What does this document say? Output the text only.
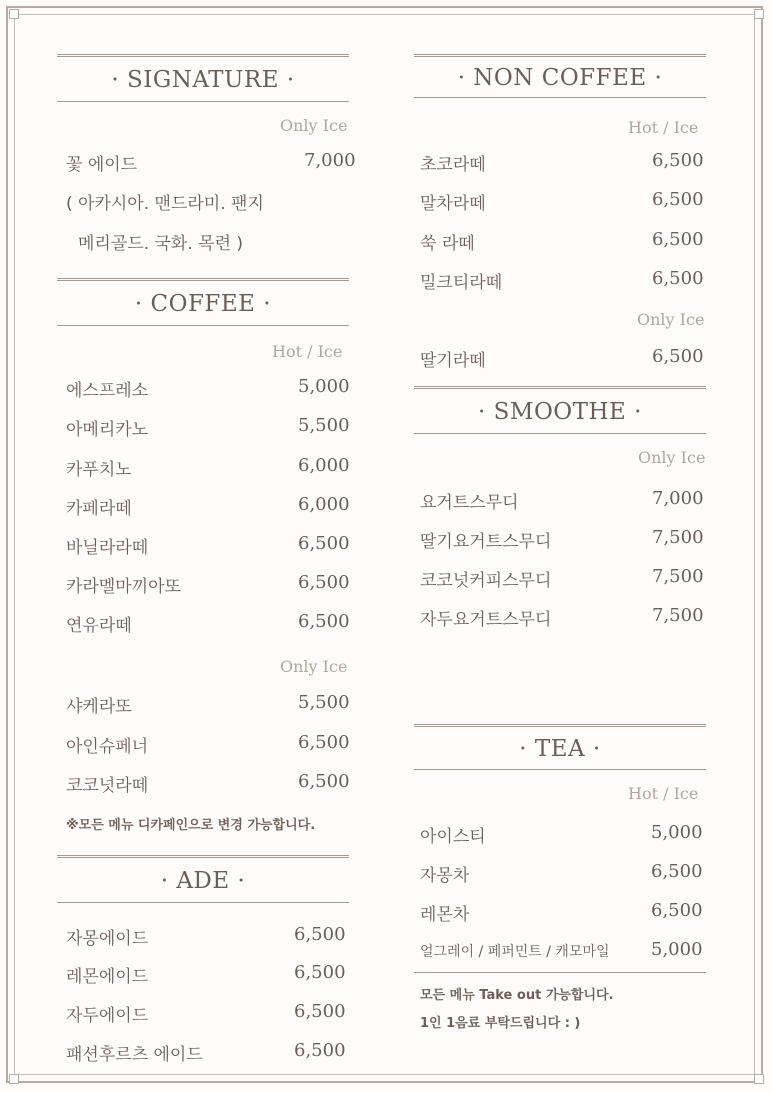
· SIGNATURE ·
Only Ice
꽃 에이드	7,000
( 아카시아. 맨드라미. 팬지
메리골드. 국화. 목련 )
· COFFEE ·
Hot / Ice
에스프레소	5,000
아메리카노	5,500
카푸치노	6,000
카페라떼	6,000
바닐라라떼	6,500
카라멜마끼아또	6,500
연유라떼	6,500
Only Ice
샤케라또	5,500
아인슈페너	6,500
코코넛라떼	6,500
※모든 메뉴 디카페인으로 변경 가능합니다.
· ADE ·
자몽에이드	6,500
레몬에이드	6,500
자두에이드	6,500
패션후르츠 에이드	6,500
· NON COFFEE ·
Hot / Ice
초코라떼	6,500
말차라떼	6,500
쑥 라떼	6,500
밀크티라떼	6,500
Only Ice
딸기라떼	6,500
· SMOOTHE ·
Only Ice
요거트스무디	7,000
딸기요거트스무디	7,500
코코넛커피스무디	7,500
자두요거트스무디	7,500
· TEA ·
Hot / Ice
아이스티	5,000
자몽차	6,500
레몬차	6,500
얼그레이 / 페퍼민트 / 캐모마일 5,000
모든 메뉴 Take out 가능합니다.
1인 1음료 부탁드립니다 : )
